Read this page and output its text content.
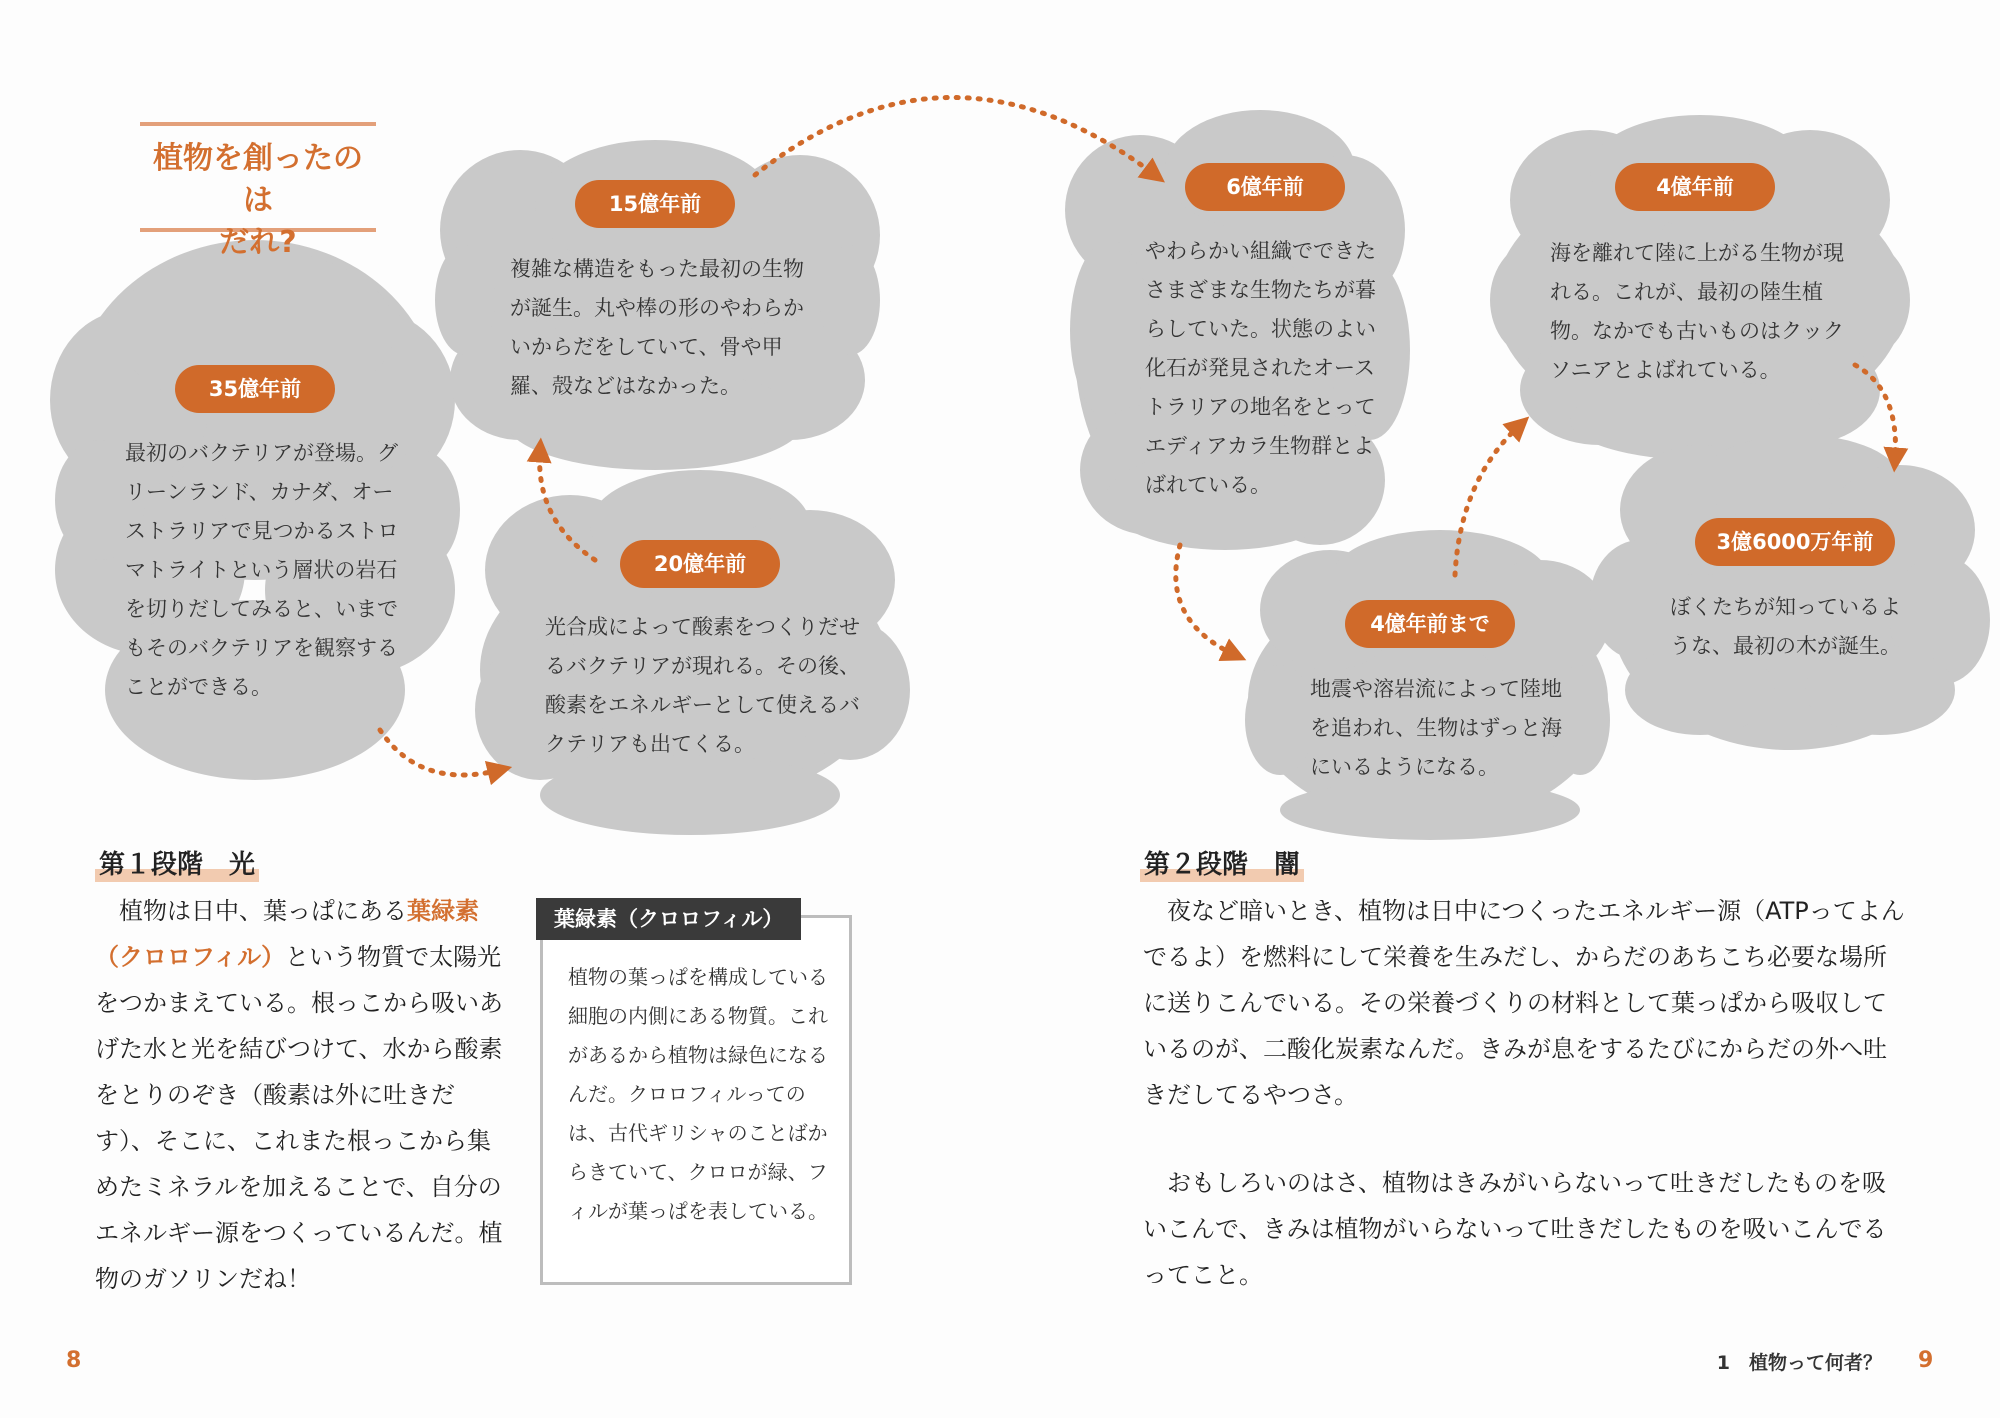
植物を創ったのは
だれ?
35億年前
20億年前
15億年前
6億年前
4億年前まで
4億年前
3億6000万年前
最初のバクテリアが登場。グリーンランド、カナダ、オーストラリアで見つかるストロマトライトという層状の岩石を切りだしてみると、いまでもそのバクテリアを観察することができる。
光合成によって酸素をつくりだせるバクテリアが現れる。その後、酸素をエネルギーとして使えるバクテリアも出てくる。
複雑な構造をもった最初の生物が誕生。丸や棒の形のやわらかいからだをしていて、骨や甲羅、殻などはなかった。
やわらかい組織でできたさまざまな生物たちが暮らしていた。状態のよい化石が発見されたオーストラリアの地名をとってエディアカラ生物群とよばれている。
地震や溶岩流によって陸地を追われ、生物はずっと海にいるようになる。
海を離れて陸に上がる生物が現れる。これが、最初の陸生植物。なかでも古いものはクックソニアとよばれている。
ぼくたちが知っているような、最初の木が誕生。
第１段階　光
植物は日中、葉っぱにある葉緑素（クロロフィル）という物質で太陽光をつかまえている。根っこから吸いあげた水と光を結びつけて、水から酸素をとりのぞき（酸素は外に吐きだす）、そこに、これまた根っこから集めたミネラルを加えることで、自分のエネルギー源をつくっているんだ。植物のガソリンだね！
葉緑素（クロロフィル）
植物の葉っぱを構成している細胞の内側にある物質。これがあるから植物は緑色になるんだ。クロロフィルってのは、古代ギリシャのことばからきていて、クロロが緑、フィルが葉っぱを表している。
第２段階　闇
夜など暗いとき、植物は日中につくったエネルギー源（ATPってよんでるよ）を燃料にして栄養を生みだし、からだのあちこち必要な場所に送りこんでいる。その栄養づくりの材料として葉っぱから吸収しているのが、二酸化炭素なんだ。きみが息をするたびにからだの外へ吐きだしてるやつさ。
おもしろいのはさ、植物はきみがいらないって吐きだしたものを吸いこんで、きみは植物がいらないって吐きだしたものを吸いこんでるってこと。
8	1　植物って何者？ 9
